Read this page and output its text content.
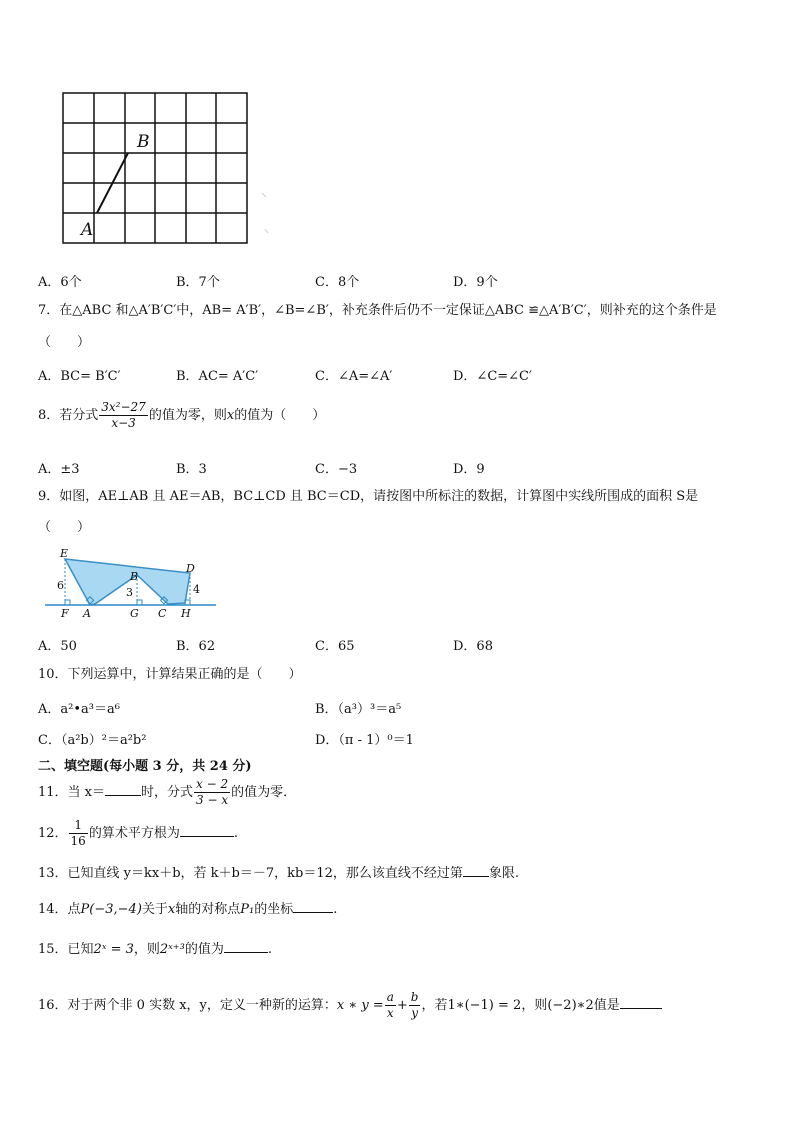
B
A
A．6个	B．7个	C．8个	D．9个
7．在△ABC 和△A′B′C′中，AB= A′B′，∠B=∠B′，补充条件后仍不一定保证△ABC ≌△A′B′C′，则补充的这个条件是
（　　）
A．BC= B′C′	B．AC= A′C′	C．∠A=∠A′	D．∠C=∠C′
8．若分式 $\frac{\text{3x²−27}}{x-3}$ 的值为零，则x的值为（　　）
A．±3	B．3	C．−3	D．9
9．如图，AE⊥AB 且 AE＝AB，BC⊥CD 且 BC＝CD，请按图中所标注的数据，计算图中实线所围成的面积 S是
（　　）
E
D
B
F A	G C H
6
3	4
A．50	B．62	C．65	D．68
10．下列运算中，计算结果正确的是（　　）
A．a²•a³＝a⁶	B．（a³）³＝a⁵
C．（a²b）²＝a²b²	D．（π - 1）⁰＝1
二、填空题(每小题 3 分，共 24 分)
11．当 x＝	时，分式 $\frac{x - 2}{3 - x}$ 的值为零．
12． $\frac{1}{16}$ 的算术平方根为	.
13．已知直线 y＝kx＋b，若 k＋b＝－7，kb＝12，那么该直线不经过第 象限.
14．点P(−3,−4)关于x轴的对称点P₁的坐标	.
15．已知2ˣ = 3，则2ˣ⁺³的值为	.
16．对于两个非 0 实数 x，y，定义一种新的运算：x ∗ $y = \frac{a}{x} + \frac{b}{y}$ ，若1∗(−1) = 2，则(−2)∗2值是
